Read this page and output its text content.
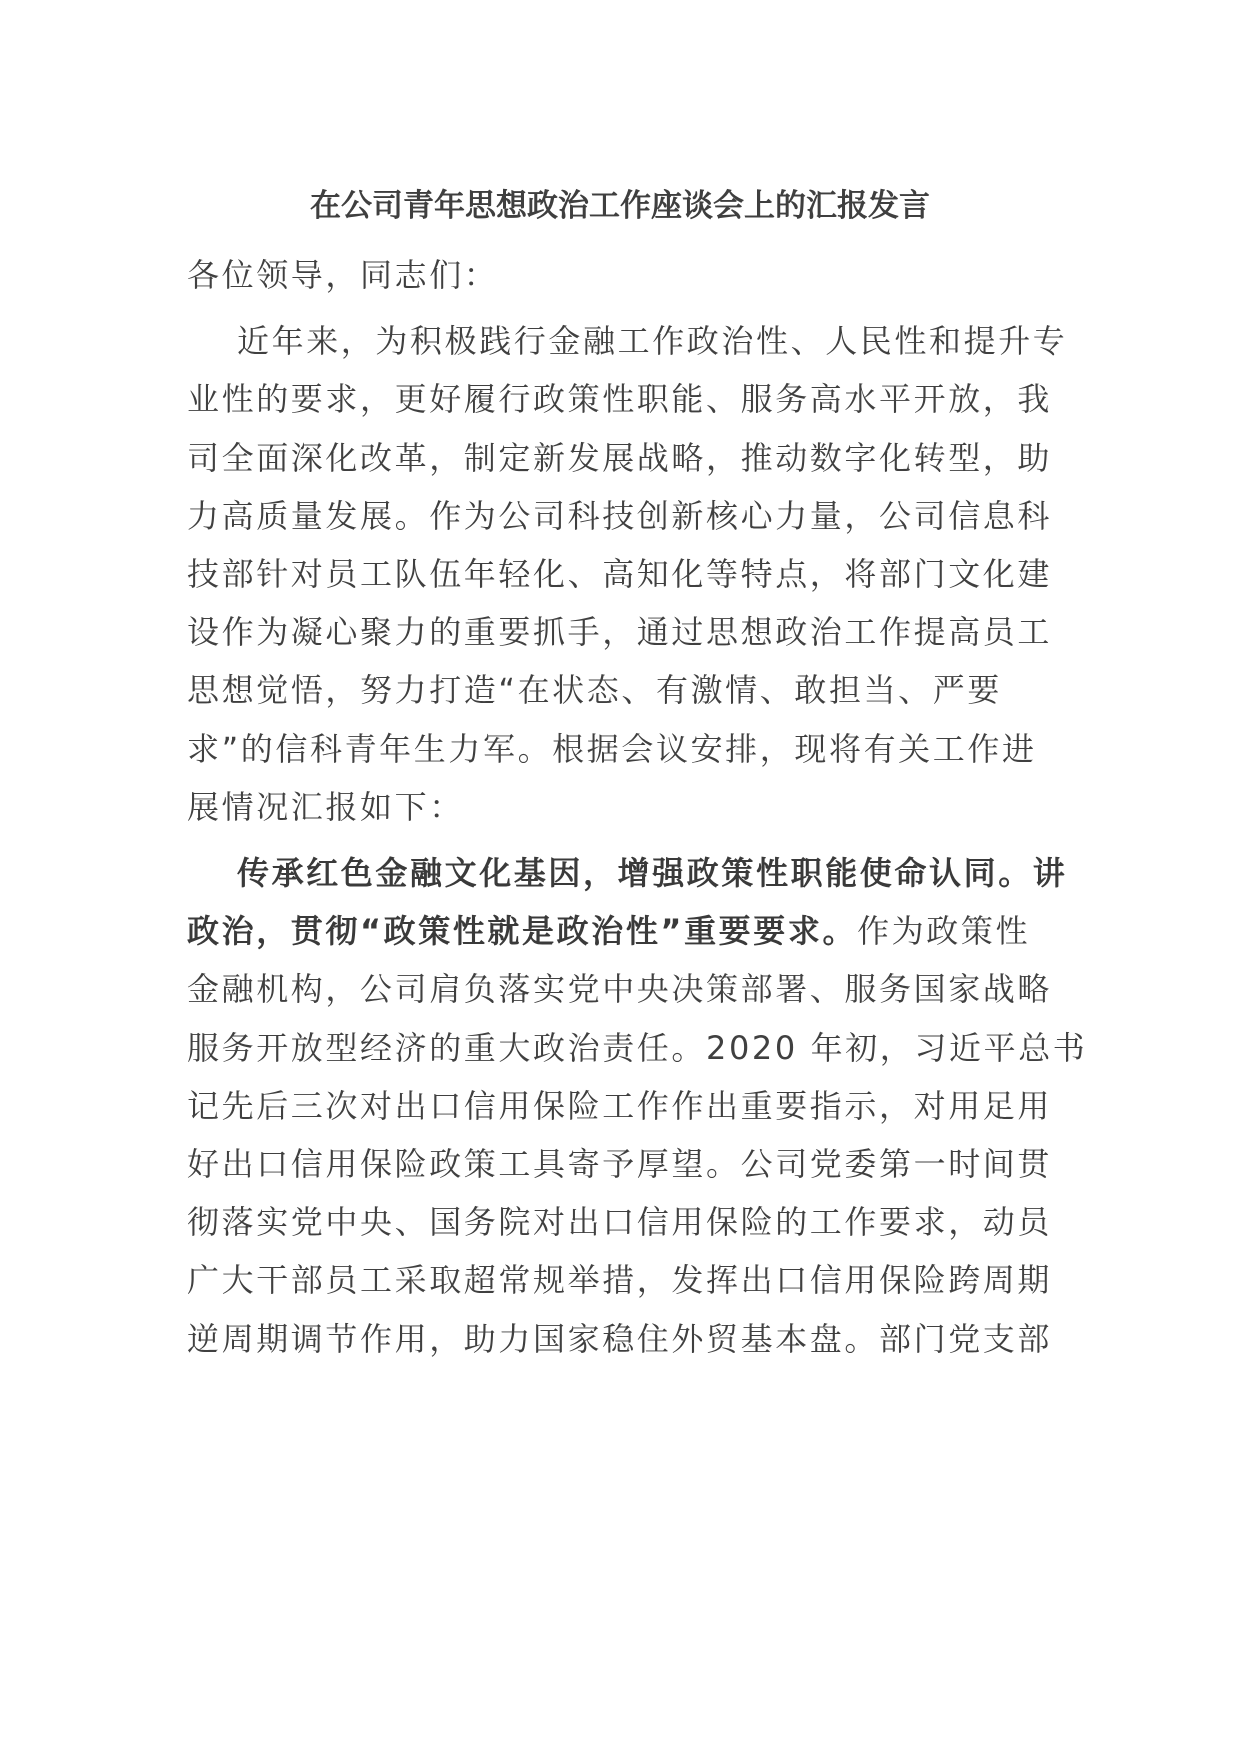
在公司青年思想政治工作座谈会上的汇报发言

各位领导，同志们：

近年来，为积极践行金融工作政治性、人民性和提升专
业性的要求，更好履行政策性职能、服务高水平开放，我
司全面深化改革，制定新发展战略，推动数字化转型，助
力高质量发展。作为公司科技创新核心力量，公司信息科
技部针对员工队伍年轻化、高知化等特点，将部门文化建
设作为凝心聚力的重要抓手，通过思想政治工作提高员工
思想觉悟，努力打造“在状态、有激情、敢担当、严要
求”的信科青年生力军。根据会议安排，现将有关工作进
展情况汇报如下：
传承红色金融文化基因，增强政策性职能使命认同。讲
政治，贯彻“政策性就是政治性”重要要求。作为政策性
金融机构，公司肩负落实党中央决策部署、服务国家战略
服务开放型经济的重大政治责任。2020 年初，习近平总书
记先后三次对出口信用保险工作作出重要指示，对用足用
好出口信用保险政策工具寄予厚望。公司党委第一时间贯
彻落实党中央、国务院对出口信用保险的工作要求，动员
广大干部员工采取超常规举措，发挥出口信用保险跨周期
逆周期调节作用，助力国家稳住外贸基本盘。部门党支部
